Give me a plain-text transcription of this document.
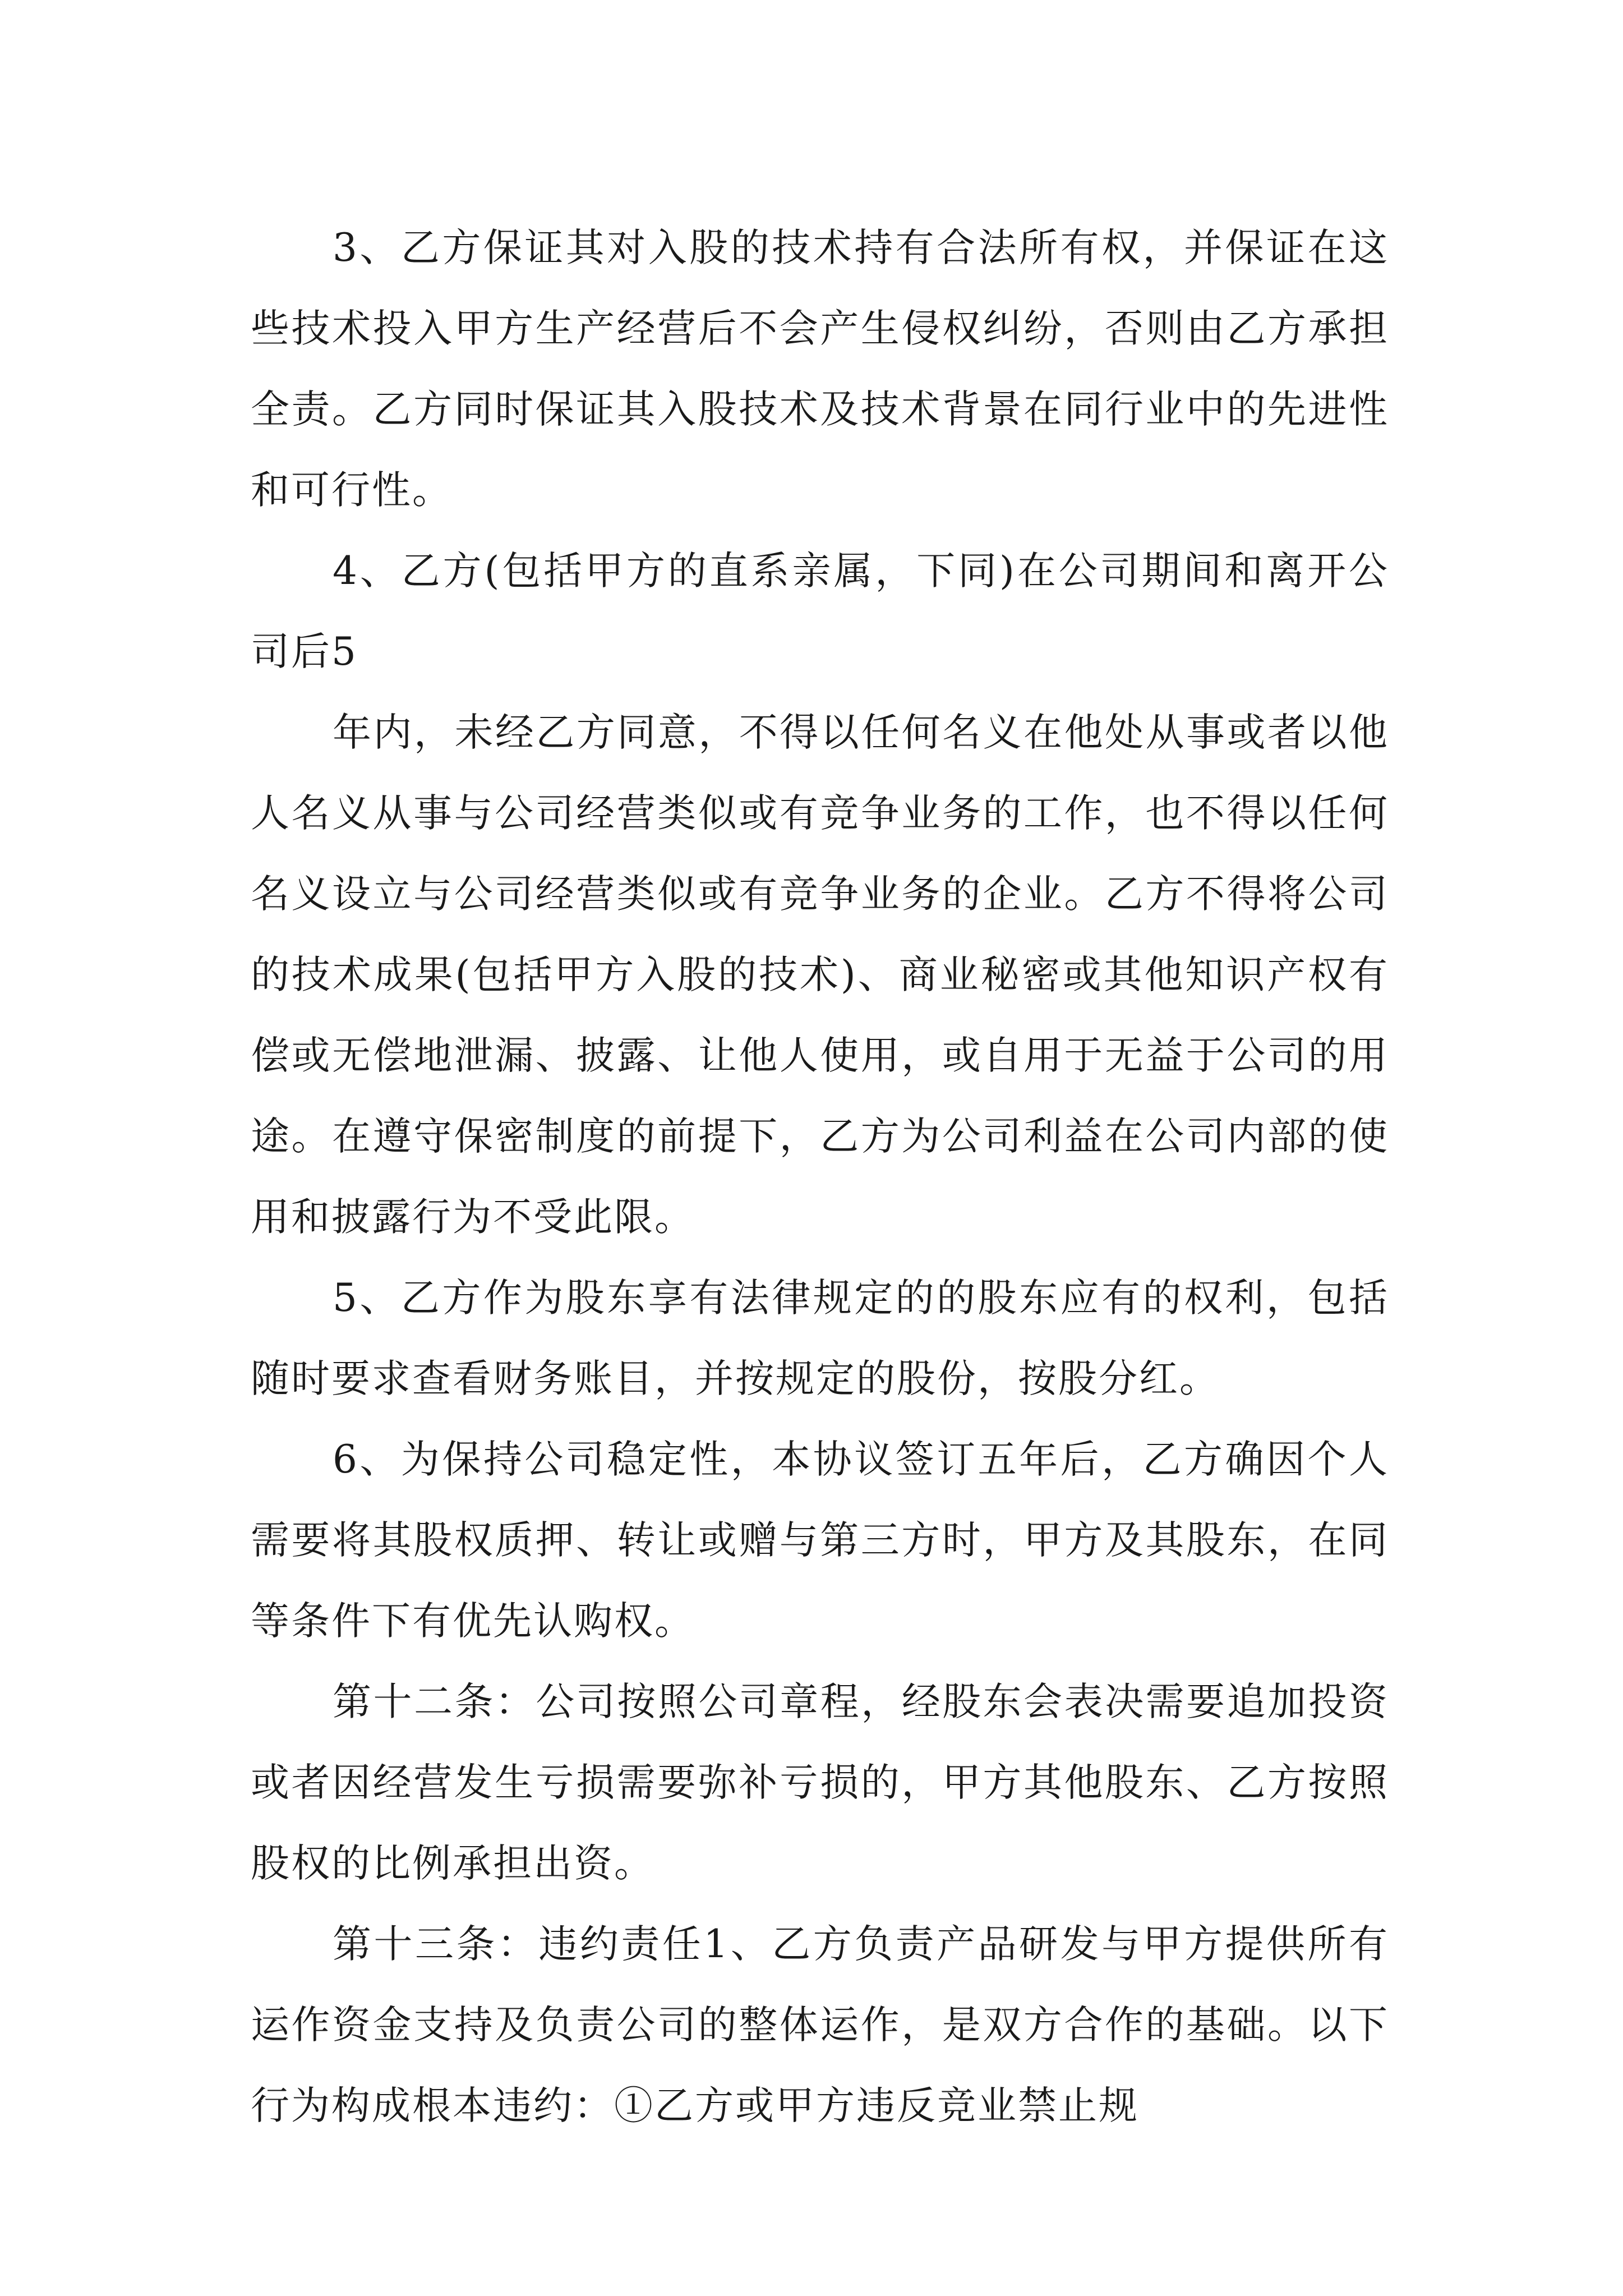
3、乙方保证其对入股的技术持有合法所有权，并保证在这些技术投入甲方生产经营后不会产生侵权纠纷，否则由乙方承担全责。乙方同时保证其入股技术及技术背景在同行业中的先进性和可行性。

4、乙方(包括甲方的直系亲属，下同)在公司期间和离开公司后5

年内，未经乙方同意，不得以任何名义在他处从事或者以他人名义从事与公司经营类似或有竞争业务的工作，也不得以任何名义设立与公司经营类似或有竞争业务的企业。乙方不得将公司的技术成果(包括甲方入股的技术)、商业秘密或其他知识产权有偿或无偿地泄漏、披露、让他人使用，或自用于无益于公司的用途。在遵守保密制度的前提下，乙方为公司利益在公司内部的使用和披露行为不受此限。

5、乙方作为股东享有法律规定的的股东应有的权利，包括随时要求查看财务账目，并按规定的股份，按股分红。

6、为保持公司稳定性，本协议签订五年后，乙方确因个人需要将其股权质押、转让或赠与第三方时，甲方及其股东，在同等条件下有优先认购权。

第十二条：公司按照公司章程，经股东会表决需要追加投资或者因经营发生亏损需要弥补亏损的，甲方其他股东、乙方按照股权的比例承担出资。

第十三条：违约责任1、乙方负责产品研发与甲方提供所有运作资金支持及负责公司的整体运作，是双方合作的基础。以下行为构成根本违约：①乙方或甲方违反竞业禁止规
